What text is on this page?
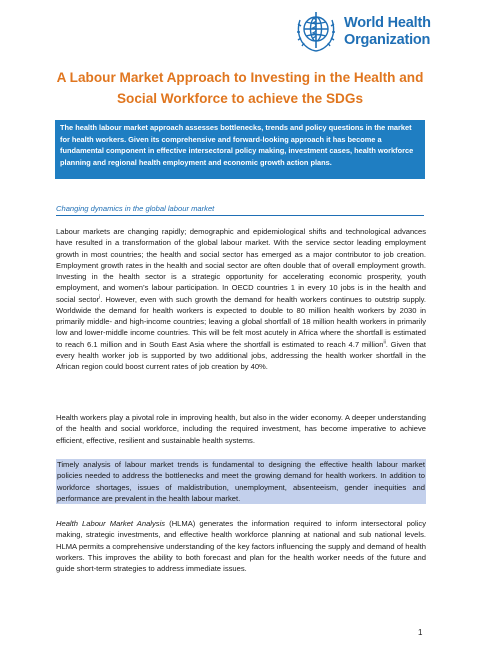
World Health
Organization
A Labour Market Approach to Investing in the Health and
Social Workforce to achieve the SDGs
The health labour market approach assesses bottlenecks, trends and policy questions in the market for health workers. Given its comprehensive and forward-looking approach it has become a fundamental component in effective intersectoral policy making, investment cases, health workforce planning and regional health employment and economic growth action plans.
Changing dynamics in the global labour market
Labour markets are changing rapidly; demographic and epidemiological shifts and technological advances have resulted in a transformation of the global labour market. With the service sector leading employment growth in most countries; the health and social sector has emerged as a major contributor to job creation. Employment growth rates in the health and social sector are often double that of overall employment growth. Investing in the health sector is a strategic opportunity for accelerating economic prosperity, youth employment, and women’s labour participation. In OECD countries 1 in every 10 jobs is in the health and social sector$^i$. However, even with such growth the demand for health workers continues to outstrip supply. Worldwide the demand for health workers is expected to double to 80 million health workers by 2030 in primarily middle- and high-income countries; leaving a global shortfall of 18 million health workers in primarily low and lower-middle income countries. This will be felt most acutely in Africa where the shortfall is estimated to reach 6.1 million and in South East Asia where the shortfall is estimated to reach 4.7 million$^{ii}$. Given that every health worker job is supported by two additional jobs, addressing the health worker shortfall in the African region could boost current rates of job creation by 40%.
Health workers play a pivotal role in improving health, but also in the wider economy. A deeper understanding of the health and social workforce, including the required investment, has become imperative to achieve efficient, effective, resilient and sustainable health systems.
Timely analysis of labour market trends is fundamental to designing the effective health labour market policies needed to address the bottlenecks and meet the growing demand for health workers. In addition to workforce shortages, issues of maldistribution, unemployment, absenteeism, gender inequities and performance are prevalent in the health labour market.
Health Labour Market Analysis (HLMA) generates the information required to inform intersectoral policy making, strategic investments, and effective health workforce planning at national and sub national levels. HLMA permits a comprehensive understanding of the key factors influencing the supply and demand of health workers. This improves the ability to both forecast and plan for the health worker needs of the future and guide short-term strategies to address immediate issues.
1
